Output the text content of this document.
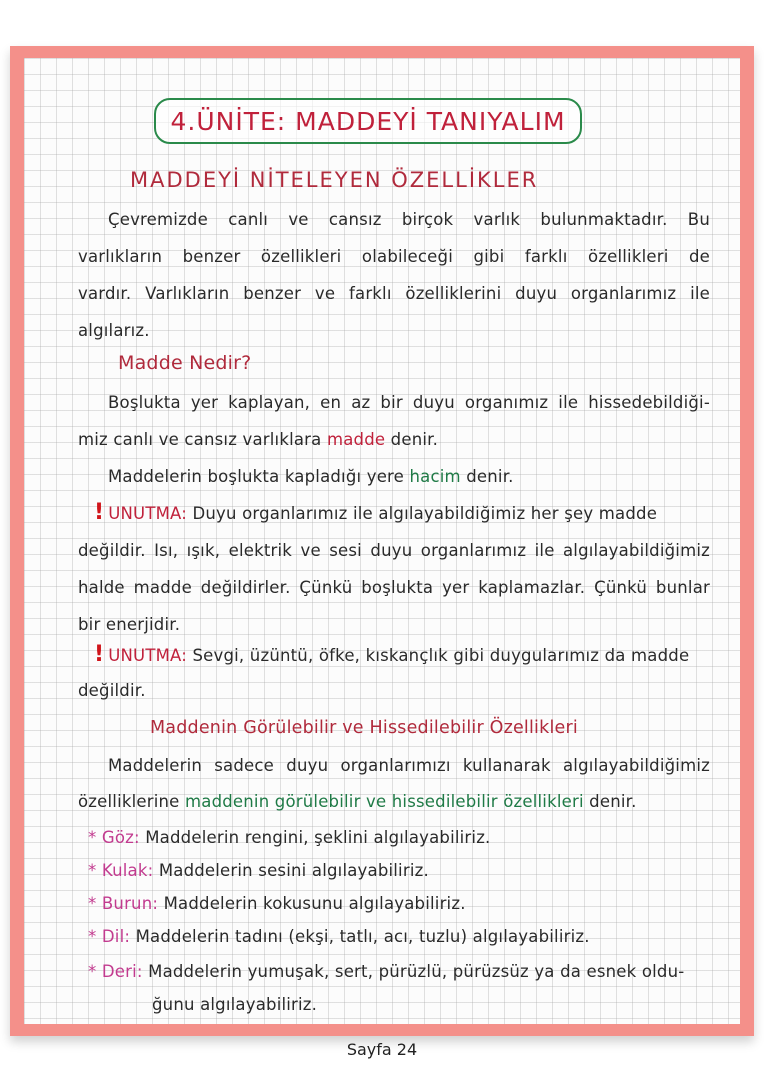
4.ÜNİTE: MADDEYİ TANIYALIM
MADDEYİ NİTELEYEN ÖZELLİKLER
Çevremizde canlı ve cansız birçok varlık bulunmaktadır. Bu
varlıkların benzer özellikleri olabileceği gibi farklı özellikleri de
vardır. Varlıkların benzer ve farklı özelliklerini duyu organlarımız ile
algılarız.
Madde Nedir?
Boşlukta yer kaplayan, en az bir duyu organımız ile hissedebildiği-
miz canlı ve cansız varlıklara madde denir.
Maddelerin boşlukta kapladığı yere hacim denir.
! UNUTMA: Duyu organlarımız ile algılayabildiğimiz her şey madde
değildir. Isı, ışık, elektrik ve sesi duyu organlarımız ile algılayabildiğimiz
halde madde değildirler. Çünkü boşlukta yer kaplamazlar. Çünkü bunlar
bir enerjidir.
! UNUTMA: Sevgi, üzüntü, öfke, kıskançlık gibi duygularımız da madde
değildir.
Maddenin Görülebilir ve Hissedilebilir Özellikleri
Maddelerin sadece duyu organlarımızı kullanarak algılayabildiğimiz
özelliklerine maddenin görülebilir ve hissedilebilir özellikleri denir.
* Göz: Maddelerin rengini, şeklini algılayabiliriz.
* Kulak: Maddelerin sesini algılayabiliriz.
* Burun: Maddelerin kokusunu algılayabiliriz.
* Dil: Maddelerin tadını (ekşi, tatlı, acı, tuzlu) algılayabiliriz.
* Deri: Maddelerin yumuşak, sert, pürüzlü, pürüzsüz ya da esnek oldu-
ğunu algılayabiliriz.
Sayfa 24
